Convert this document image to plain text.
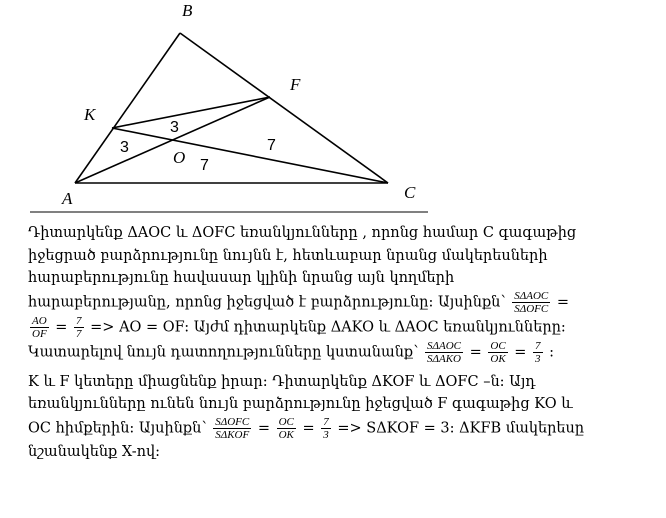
B
F
K
O
A	C
3
3	7
7
Դիտարկենք ΔAOC և ΔOFC եռանկյունները , որոնց համար C գագաթից
իջեցրած բարձրությունը նույնն է, հետևաբար նրանց մակերեսների
հարաբերությունը հավասար կլինի նրանց այն կողմերի
հարաբերությանը, որոնց իջեցված է բարձրությունը: Այսինքն՝ $\frac{\text{SΔAOC}}{\text{SΔOFC}}$ =
$\frac{AO}{OF} = \frac{7}{7}$ => AO = OF: Այժմ դիտարկենք ΔAKO և ΔAOC եռանկյունները:
Կատարելով նույն դատողությունները կստանանք՝ $\frac{\text{SΔAOC}}{\text{SΔAKO}} = \frac{OC}{OK} = \frac{7}{3}$ :
K և F կետերը միացնենք իրար: Դիտարկենք ΔKOF և ΔOFC –ն: Այդ
եռանկյունները ունեն նույն բարձրությունը իջեցված F գագաթից KO և
OC հիմքերին: Այսինքն՝ $\frac{\text{SΔOFC}}{\text{SΔKOF}} = \frac{OC}{OK} = \frac{7}{3} => S\Delta KOF = 3$: ΔKFB մակերեսը
նշանակենք X-ով:
